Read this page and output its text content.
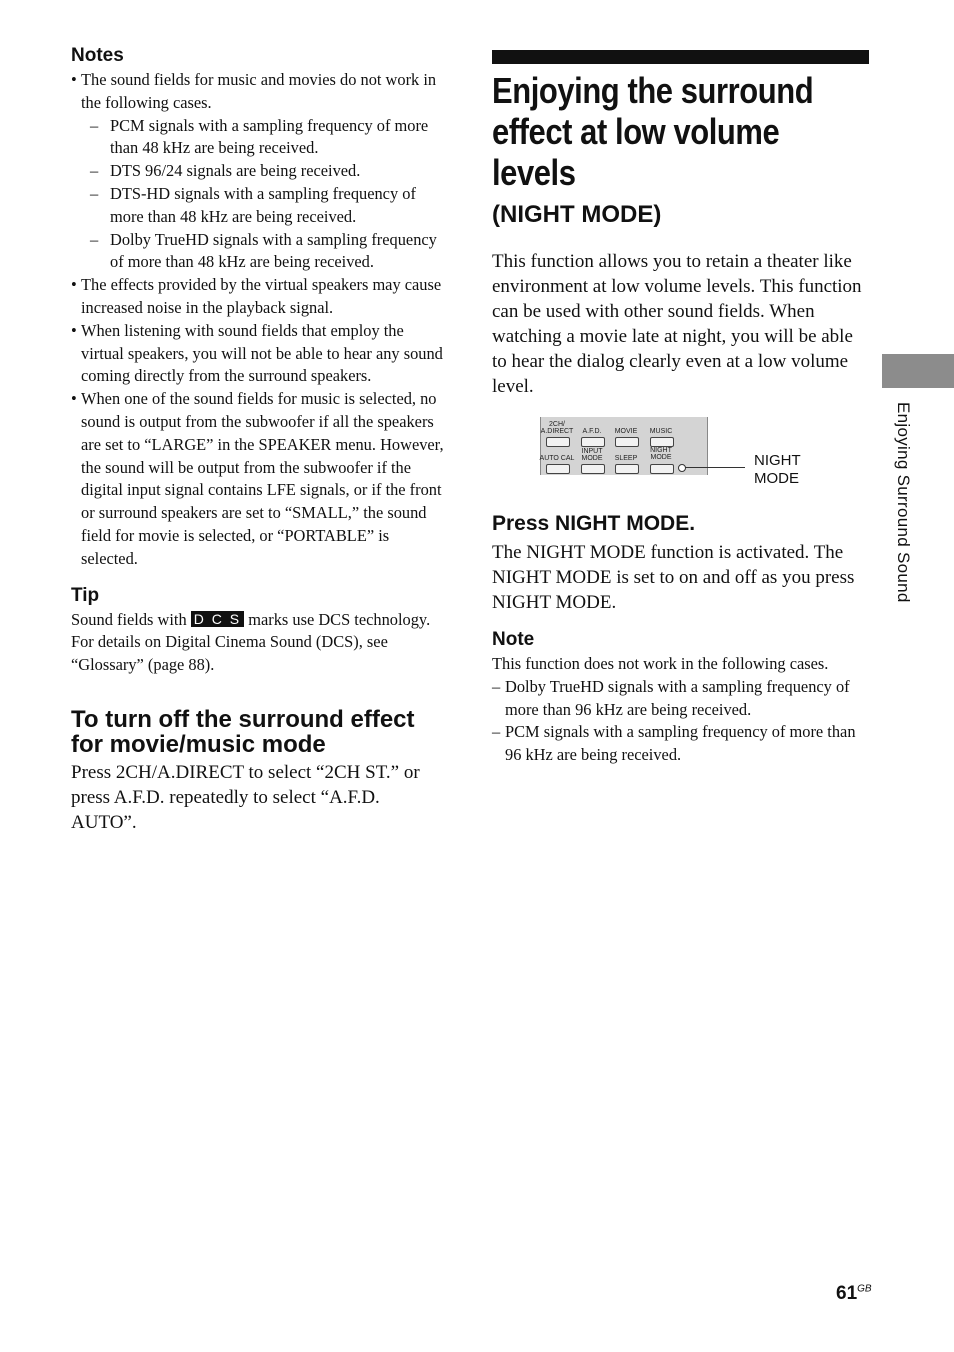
Notes
• The sound fields for music and movies do not work in the following cases.
– PCM signals with a sampling frequency of more than 48 kHz are being received.
– DTS 96/24 signals are being received.
– DTS-HD signals with a sampling frequency of more than 48 kHz are being received.
– Dolby TrueHD signals with a sampling frequency of more than 48 kHz are being received.
• The effects provided by the virtual speakers may cause increased noise in the playback signal.
• When listening with sound fields that employ the virtual speakers, you will not be able to hear any sound coming directly from the surround speakers.
• When one of the sound fields for music is selected, no sound is output from the subwoofer if all the speakers are set to “LARGE” in the SPEAKER menu. However, the sound will be output from the subwoofer if the digital input signal contains LFE signals, or if the front or surround speakers are set to “SMALL,” the sound field for movie is selected, or “PORTABLE” is selected.
Tip
Sound fields with D C S marks use DCS technology. For details on Digital Cinema Sound (DCS), see “Glossary” (page 88).
To turn off the surround effect for movie/music mode
Press 2CH/A.DIRECT to select “2CH ST.” or press A.F.D. repeatedly to select “A.F.D. AUTO”.
Enjoying the surround effect at low volume levels
(NIGHT MODE)
This function allows you to retain a theater like environment at low volume levels. This function can be used with other sound fields. When watching a movie late at night, you will be able to hear the dialog clearly even at a low volume level.
2CH/
A.DIRECT	A.F.D.	MOVIE	MUSIC
AUTO CAL
INPUT
MODE	SLEEP
NIGHT
MODE	NIGHT
MODE
Press NIGHT MODE.
The NIGHT MODE function is activated. The NIGHT MODE is set to on and off as you press NIGHT MODE.
Note
This function does not work in the following cases.
– Dolby TrueHD signals with a sampling frequency of more than 96 kHz are being received.
– PCM signals with a sampling frequency of more than 96 kHz are being received.
Enjoying Surround Sound
$61^{GB}$
